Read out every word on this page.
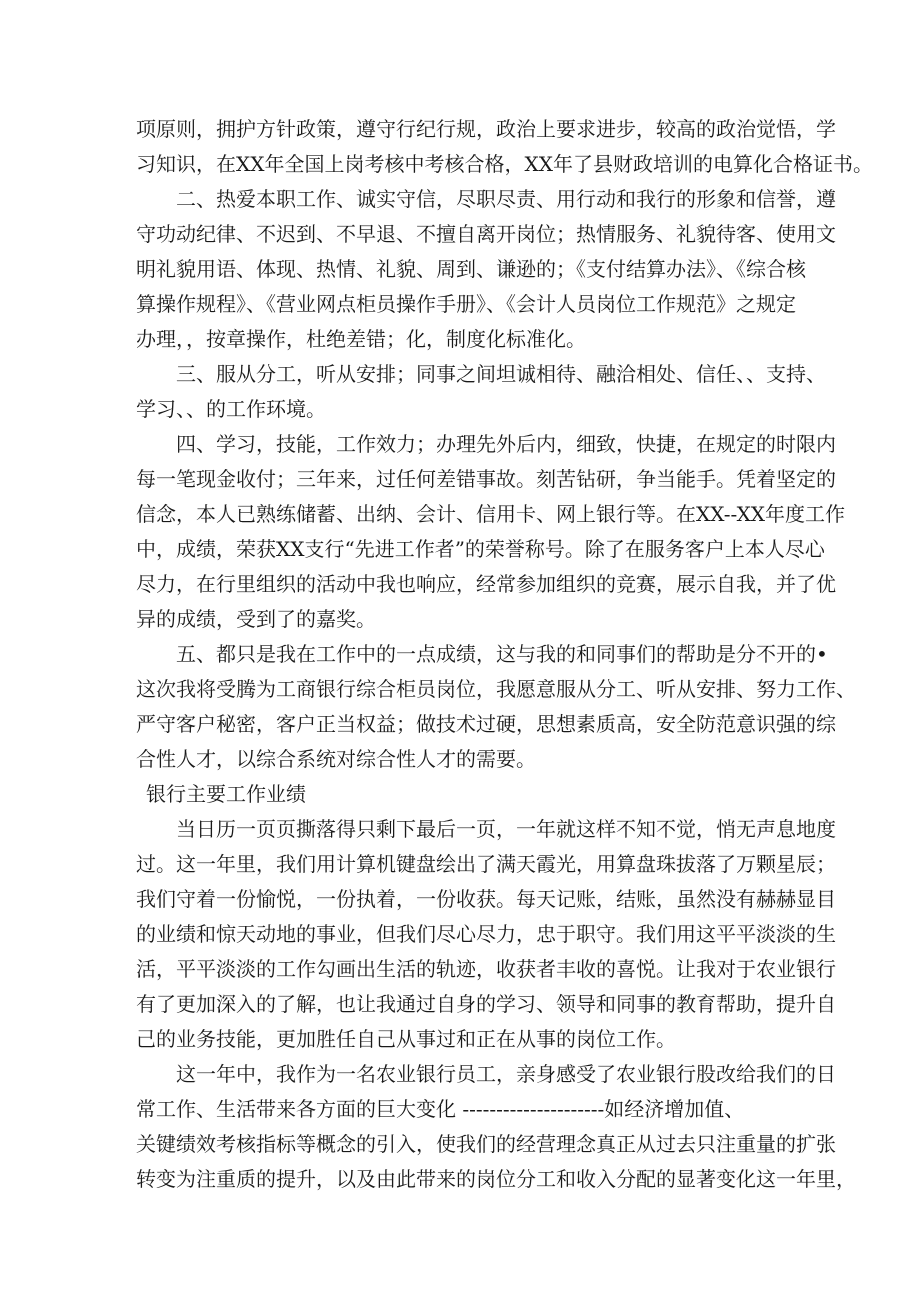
项原则，拥护方针政策，遵守行纪行规，政治上要求进步，较高的政治觉悟，学
习知识，在XX年全国上岗考核中考核合格，XX年了县财政培训的电算化合格证书。
二、热爱本职工作、诚实守信，尽职尽责、用行动和我行的形象和信誉，遵
守功动纪律、不迟到、不早退、不擅自离开岗位；热情服务、礼貌待客、使用文
明礼貌用语、体现、热情、礼貌、周到、谦逊的；《支付结算办法》、《综合核
算操作规程》、《营业网点柜员操作手册》、《会计人员岗位工作规范》之规定
办理，，按章操作，杜绝差错；化，制度化标准化。
三、服从分工，听从安排；同事之间坦诚相待、融洽相处、信任、、支持、
学习、、的工作环境。
四、学习，技能，工作效力；办理先外后内，细致，快捷，在规定的时限内
每一笔现金收付；三年来，过任何差错事故。刻苦钻研，争当能手。凭着坚定的
信念，本人已熟练储蓄、出纳、会计、信用卡、网上银行等。在XX--XX年度工作
中，成绩，荣获XX支行“先进工作者”的荣誉称号。除了在服务客户上本人尽心
尽力，在行里组织的活动中我也响应，经常参加组织的竞赛，展示自我，并了优
异的成绩，受到了的嘉奖。
五、都只是我在工作中的一点成绩，这与我的和同事们的帮助是分不开的•
这次我将受腾为工商银行综合柜员岗位，我愿意服从分工、听从安排、努力工作、
严守客户秘密，客户正当权益；做技术过硬，思想素质高，安全防范意识强的综
合性人才，以综合系统对综合性人才的需要。
银行主要工作业绩
当日历一页页撕落得只剩下最后一页，一年就这样不知不觉，悄无声息地度
过。这一年里，我们用计算机键盘绘出了满天霞光，用算盘珠拔落了万颗星辰；
我们守着一份愉悦，一份执着，一份收获。每天记账，结账，虽然没有赫赫显目
的业绩和惊天动地的事业，但我们尽心尽力，忠于职守。我们用这平平淡淡的生
活，平平淡淡的工作勾画出生活的轨迹，收获者丰收的喜悦。让我对于农业银行
有了更加深入的了解，也让我通过自身的学习、领导和同事的教育帮助，提升自
己的业务技能，更加胜任自己从事过和正在从事的岗位工作。
这一年中，我作为一名农业银行员工，亲身感受了农业银行股改给我们的日
常工作、生活带来各方面的巨大变化 ---------------------如经济增加值、
关键绩效考核指标等概念的引入，使我们的经营理念真正从过去只注重量的扩张
转变为注重质的提升，以及由此带来的岗位分工和收入分配的显著变化这一年里，
